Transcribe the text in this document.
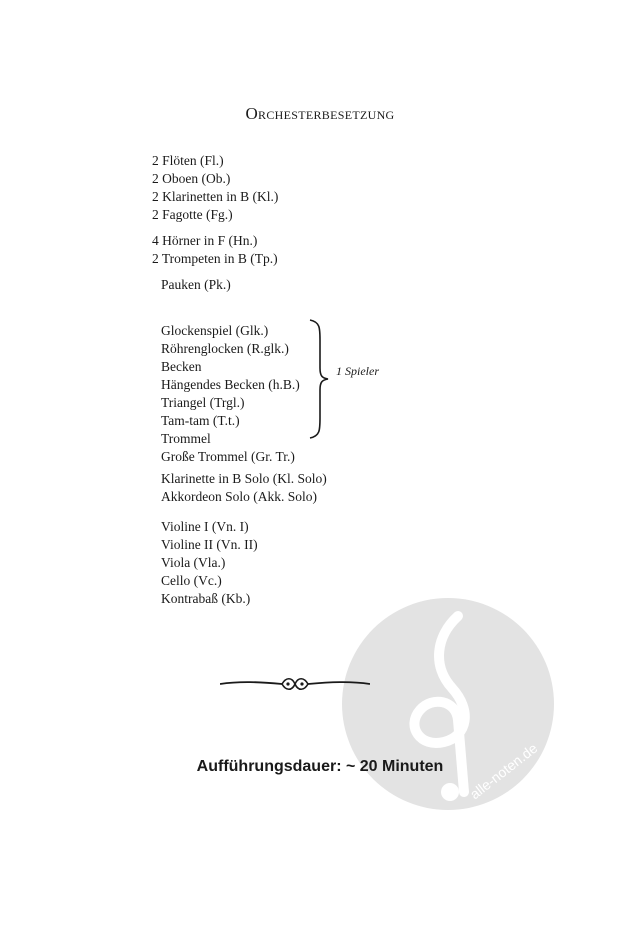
alle-noten.de
Orchesterbesetzung
2 Flöten (Fl.)
2 Oboen (Ob.)
2 Klarinetten in B (Kl.)
2 Fagotte (Fg.)
4 Hörner in F (Hn.)
2 Trompeten in B (Tp.)
Pauken (Pk.)
Glockenspiel (Glk.)
Röhrenglocken (R.glk.)
Becken
Hängendes Becken (h.B.)
Triangel (Trgl.)
Tam-tam (T.t.)
Trommel
Große Trommel (Gr. Tr.)
1 Spieler
Klarinette in B Solo (Kl. Solo)
Akkordeon Solo (Akk. Solo)
Violine I (Vn. I)
Violine II (Vn. II)
Viola (Vla.)
Cello (Vc.)
Kontrabaß (Kb.)
Aufführungsdauer: ~ 20 Minuten
